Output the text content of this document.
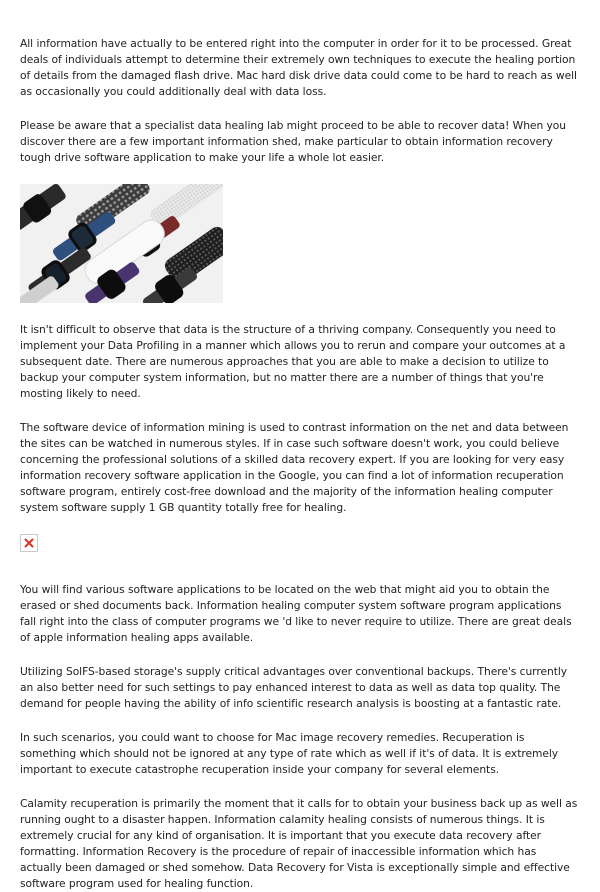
All information have actually to be entered right into the computer in order for it to be processed. Great deals of individuals attempt to determine their extremely own techniques to execute the healing portion of details from the damaged flash drive. Mac hard disk drive data could come to be hard to reach as well as occasionally you could additionally deal with data loss.

Please be aware that a specialist data healing lab might proceed to be able to recover data! When you discover there are a few important information shed, make particular to obtain information recovery tough drive software application to make your life a whole lot easier.

It isn't difficult to observe that data is the structure of a thriving company. Consequently you need to implement your Data Profiling in a manner which allows you to rerun and compare your outcomes at a subsequent date. There are numerous approaches that you are able to make a decision to utilize to backup your computer system information, but no matter there are a number of things that you're mosting likely to need.

The software device of information mining is used to contrast information on the net and data between the sites can be watched in numerous styles. If in case such software doesn't work, you could believe concerning the professional solutions of a skilled data recovery expert. If you are looking for very easy information recovery software application in the Google, you can find a lot of information recuperation software program, entirely cost-free download and the majority of the information healing computer system software supply 1 GB quantity totally free for healing.

You will find various software applications to be located on the web that might aid you to obtain the erased or shed documents back. Information healing computer system software program applications fall right into the class of computer programs we 'd like to never require to utilize. There are great deals of apple information healing apps available.

Utilizing SolFS-based storage's supply critical advantages over conventional backups. There's currently an also better need for such settings to pay enhanced interest to data as well as data top quality. The demand for people having the ability of info scientific research analysis is boosting at a fantastic rate.

In such scenarios, you could want to choose for Mac image recovery remedies. Recuperation is something which should not be ignored at any type of rate which as well if it's of data. It is extremely important to execute catastrophe recuperation inside your company for several elements.

Calamity recuperation is primarily the moment that it calls for to obtain your business back up as well as running ought to a disaster happen. Information calamity healing consists of numerous things. It is extremely crucial for any kind of organisation. It is important that you execute data recovery after formatting. Information Recovery is the procedure of repair of inaccessible information which has actually been damaged or shed somehow. Data Recovery for Vista is exceptionally simple and effective software program used for healing function.
